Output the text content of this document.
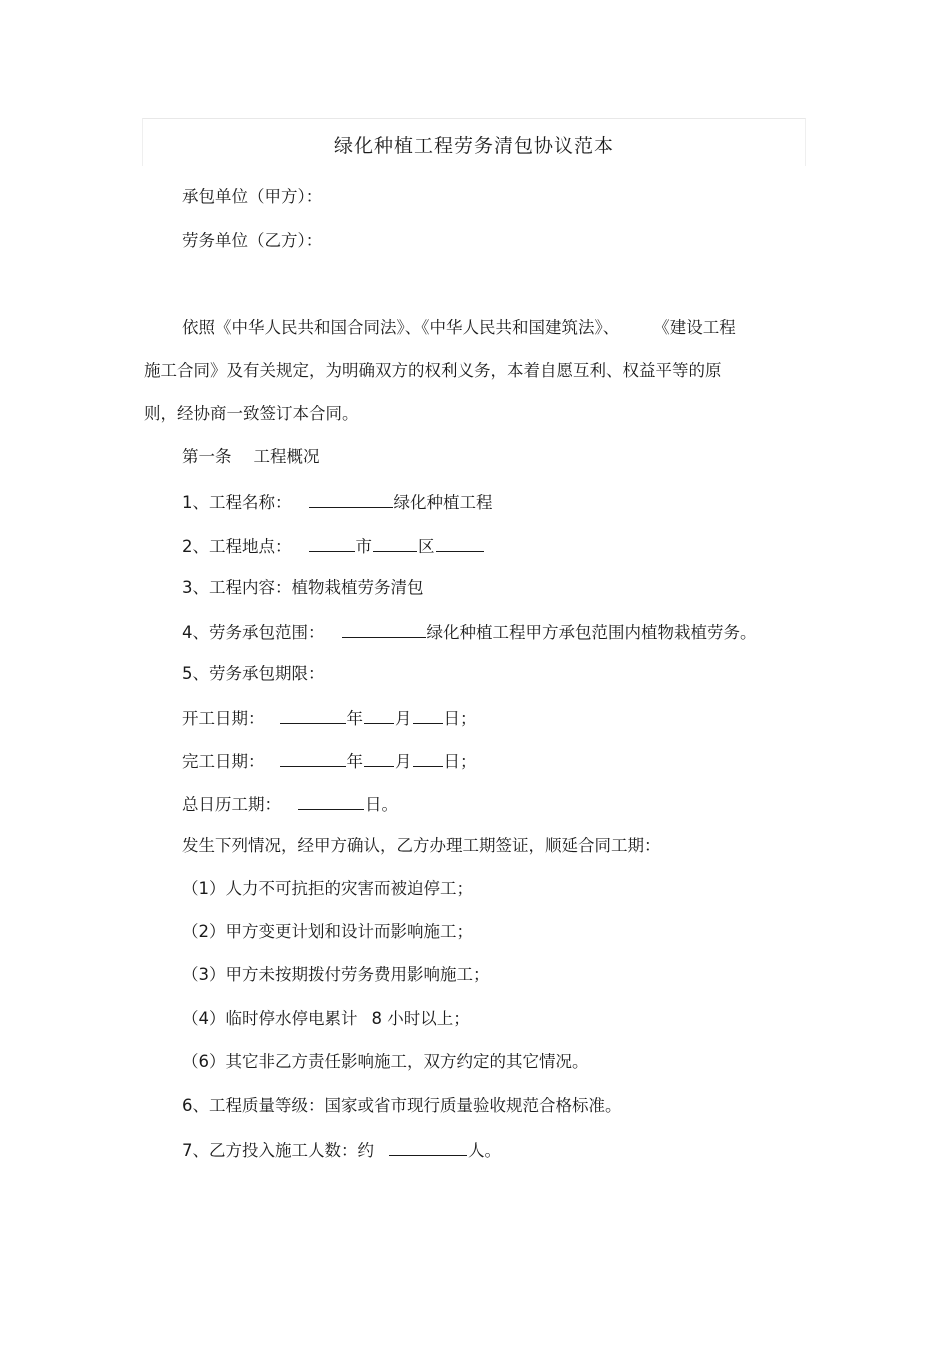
绿化种植工程劳务清包协议范本
承包单位（甲方）：
劳务单位（乙方）：
依照《中华人民共和国合同法》、《中华人民共和国建筑法》、 《建设工程
施工合同》及有关规定，为明确双方的权利义务，本着自愿互利、权益平等的原
则，经协商一致签订本合同。
第一条 工程概况
1、工程名称：	绿化种植工程
2、工程地点：	市	区
3、工程内容：植物栽植劳务清包
4、劳务承包范围：	绿化种植工程甲方承包范围内植物栽植劳务。
5、劳务承包期限：
开工日期：	年 月 日；
完工日期：	年 月 日；
总日历工期：	日。
发生下列情况，经甲方确认，乙方办理工期签证，顺延合同工期：
（1）人力不可抗拒的灾害而被迫停工；
（2）甲方变更计划和设计而影响施工；
（3）甲方未按期拨付劳务费用影响施工；
（4）临时停水停电累计 8 小时以上；
（6）其它非乙方责任影响施工，双方约定的其它情况。
6、工程质量等级：国家或省市现行质量验收规范合格标准。
7、乙方投入施工人数：约	人。
